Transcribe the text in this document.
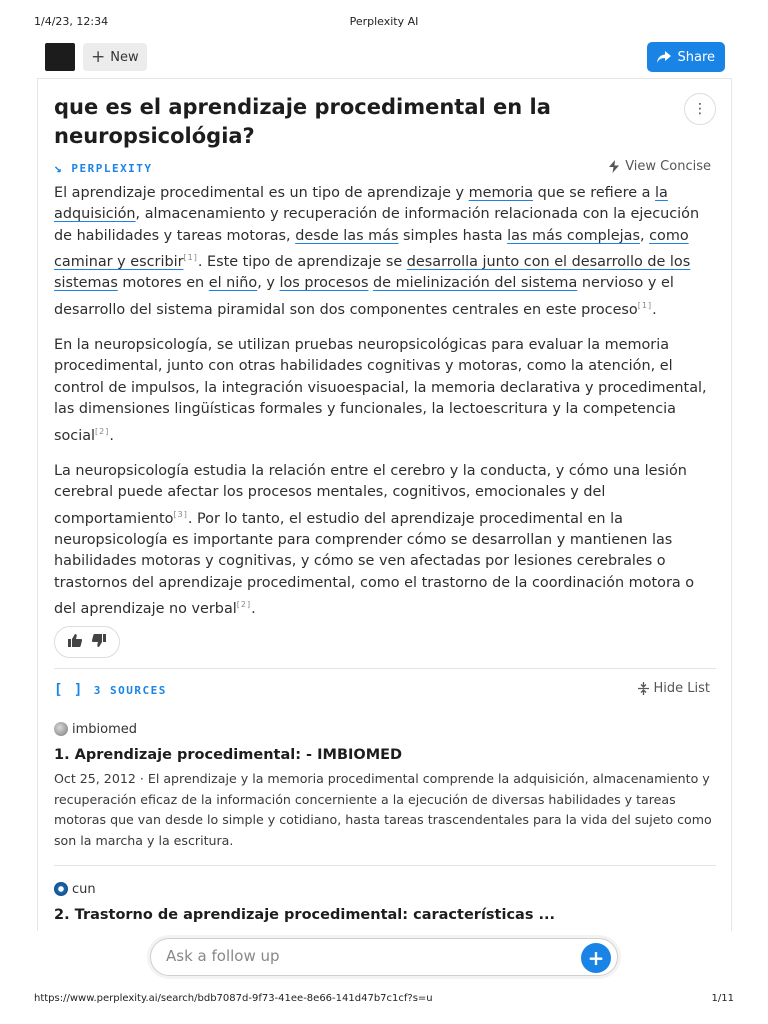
1/4/23, 12:34	Perplexity AI
+ New	Share
que es el aprendizaje procedimental en la neuropsicológia?
⋮
↘ PERPLEXITY	View Concise

El aprendizaje procedimental es un tipo de aprendizaje y memoria que se refiere a la adquisición, almacenamiento y recuperación de información relacionada con la ejecución de habilidades y tareas motoras, desde las más simples hasta las más complejas, como caminar y escribir[1]. Este tipo de aprendizaje se desarrolla junto con el desarrollo de los sistemas motores en el niño, y los procesos de mielinización del sistema nervioso y el desarrollo del sistema piramidal son dos componentes centrales en este proceso[1].

En la neuropsicología, se utilizan pruebas neuropsicológicas para evaluar la memoria procedimental, junto con otras habilidades cognitivas y motoras, como la atención, el control de impulsos, la integración visuoespacial, la memoria declarativa y procedimental, las dimensiones lingüísticas formales y funcionales, la lectoescritura y la competencia social[2].

La neuropsicología estudia la relación entre el cerebro y la conducta, y cómo una lesión cerebral puede afectar los procesos mentales, cognitivos, emocionales y del comportamiento[3]. Por lo tanto, el estudio del aprendizaje procedimental en la neuropsicología es importante para comprender cómo se desarrollan y mantienen las habilidades motoras y cognitivas, y cómo se ven afectadas por lesiones cerebrales o trastornos del aprendizaje procedimental, como el trastorno de la coordinación motora o del aprendizaje no verbal[2].

[ ] 3 SOURCES	Hide List
imbiomed
1. Aprendizaje procedimental: - IMBIOMED
Oct 25, 2012 · El aprendizaje y la memoria procedimental comprende la adquisición, almacenamiento y recuperación eficaz de la información concerniente a la ejecución de diversas habilidades y tareas motoras que van desde lo simple y cotidiano, hasta tareas trascendentales para la vida del sujeto como son la marcha y la escritura.
cun
2. Trastorno de aprendizaje procedimental: características ...
Ask a follow up
+
https://www.perplexity.ai/search/bdb7087d-9f73-41ee-8e66-141d47b7c1cf?s=u	1/11
